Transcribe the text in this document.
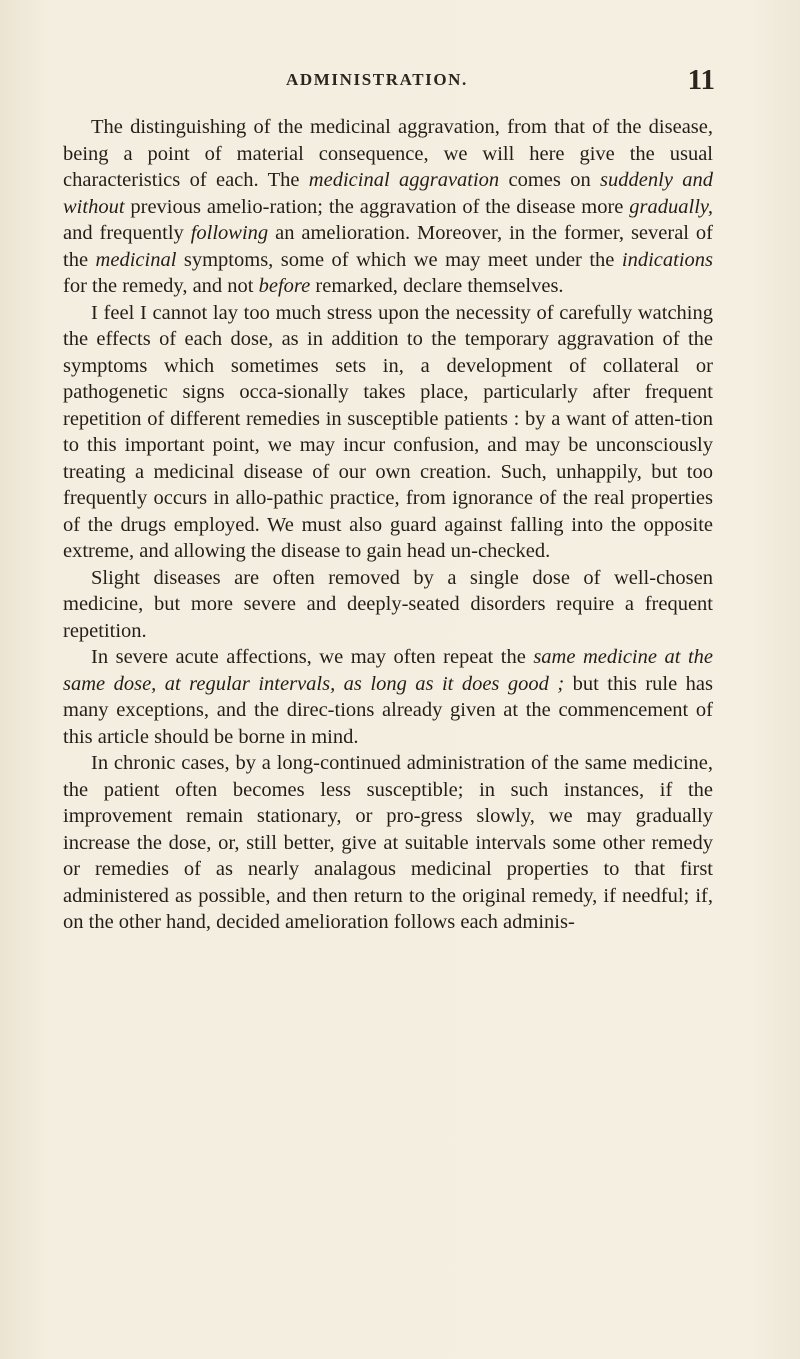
ADMINISTRATION.	11

The distinguishing of the medicinal aggravation, from that of the disease, being a point of material consequence, we will here give the usual characteristics of each. The medicinal aggravation comes on suddenly and without previous amelio-ration; the aggravation of the disease more gradually, and frequently following an amelioration. Moreover, in the former, several of the medicinal symptoms, some of which we may meet under the indications for the remedy, and not before remarked, declare themselves.

I feel I cannot lay too much stress upon the necessity of carefully watching the effects of each dose, as in addition to the temporary aggravation of the symptoms which sometimes sets in, a development of collateral or pathogenetic signs occa-sionally takes place, particularly after frequent repetition of different remedies in susceptible patients : by a want of atten-tion to this important point, we may incur confusion, and may be unconsciously treating a medicinal disease of our own creation. Such, unhappily, but too frequently occurs in allo-pathic practice, from ignorance of the real properties of the drugs employed. We must also guard against falling into the opposite extreme, and allowing the disease to gain head un-checked.

Slight diseases are often removed by a single dose of well-chosen medicine, but more severe and deeply-seated disorders require a frequent repetition.

In severe acute affections, we may often repeat the same medicine at the same dose, at regular intervals, as long as it does good ; but this rule has many exceptions, and the direc-tions already given at the commencement of this article should be borne in mind.

In chronic cases, by a long-continued administration of the same medicine, the patient often becomes less susceptible; in such instances, if the improvement remain stationary, or pro-gress slowly, we may gradually increase the dose, or, still better, give at suitable intervals some other remedy or remedies of as nearly analagous medicinal properties to that first administered as possible, and then return to the original remedy, if needful; if, on the other hand, decided amelioration follows each adminis-
